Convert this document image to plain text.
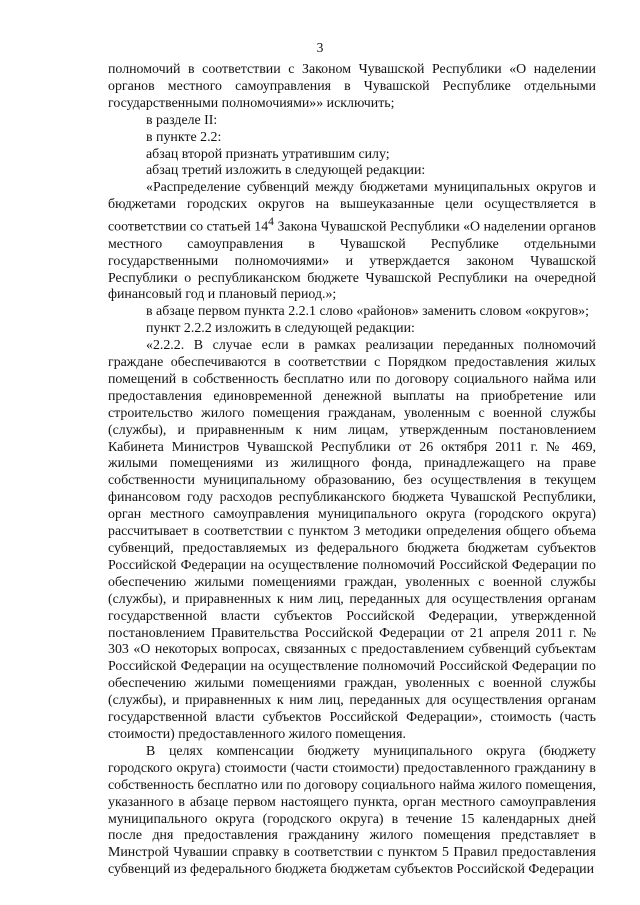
3

полномочий в соответствии с Законом Чувашской Республики «О наделении органов местного самоуправления в Чувашской Республике отдельными государственными полномочиями»» исключить;

в разделе II:

в пункте 2.2:

абзац второй признать утратившим силу;

абзац третий изложить в следующей редакции:

«Распределение субвенций между бюджетами муниципальных округов и бюджетами городских округов на вышеуказанные цели осуществляется в соответствии со статьей $14^4$ Закона Чувашской Республики «О наделении органов местного самоуправления в Чувашской Республике отдельными государственными полномочиями» и утверждается законом Чувашской Республики о республиканском бюджете Чувашской Республики на очередной финансовый год и плановый период.»;

в абзаце первом пункта 2.2.1 слово «районов» заменить словом «округов»;

пункт 2.2.2 изложить в следующей редакции:

«2.2.2. В случае если в рамках реализации переданных полномочий граждане обеспечиваются в соответствии с Порядком предоставления жилых помещений в собственность бесплатно или по договору социального найма или предоставления единовременной денежной выплаты на приобретение или строительство жилого помещения гражданам, уволенным с военной службы (службы), и приравненным к ним лицам, утвержденным постановлением Кабинета Министров Чувашской Республики от 26 октября 2011 г. № 469, жилыми помещениями из жилищного фонда, принадлежащего на праве собственности муниципальному образованию, без осуществления в текущем финансовом году расходов республиканского бюджета Чувашской Республики, орган местного самоуправления муниципального округа (городского округа) рассчитывает в соответствии с пунктом 3 методики определения общего объема субвенций, предоставляемых из федерального бюджета бюджетам субъектов Российской Федерации на осуществление полномочий Российской Федерации по обеспечению жилыми помещениями граждан, уволенных с военной службы (службы), и приравненных к ним лиц, переданных для осуществления органам государственной власти субъектов Российской Федерации, утвержденной постановлением Правительства Российской Федерации от 21 апреля 2011 г. № 303 «О некоторых вопросах, связанных с предоставлением субвенций субъектам Российской Федерации на осуществление полномочий Российской Федерации по обеспечению жилыми помещениями граждан, уволенных с военной службы (службы), и приравненных к ним лиц, переданных для осуществления органам государственной власти субъектов Российской Федерации», стоимость (часть стоимости) предоставленного жилого помещения.

В целях компенсации бюджету муниципального округа (бюджету городского округа) стоимости (части стоимости) предоставленного гражданину в собственность бесплатно или по договору социального найма жилого помещения, указанного в абзаце первом настоящего пункта, орган местного самоуправления муниципального округа (городского округа) в течение 15 календарных дней после дня предоставления гражданину жилого помещения представляет в Минстрой Чувашии справку в соответствии с пунктом 5 Правил предоставления субвенций из федерального бюджета бюджетам субъектов Российской Федерации
